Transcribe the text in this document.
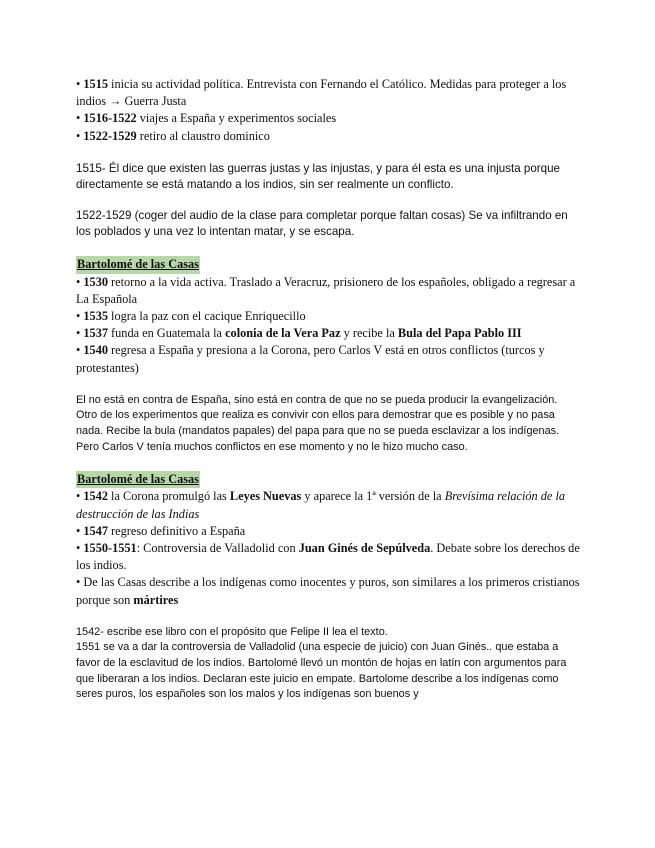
• 1515 inicia su actividad política. Entrevista con Fernando el Católico. Medidas para proteger a los indios → Guerra Justa

• 1516-1522 viajes a España y experimentos sociales

• 1522-1529 retiro al claustro dominico

1515- Él dice que existen las guerras justas y las injustas, y para él esta es una injusta porque directamente se está matando a los indios, sin ser realmente un conflicto.

1522-1529 (coger del audio de la clase para completar porque faltan cosas) Se va infiltrando en los poblados y una vez lo intentan matar, y se escapa.

Bartolomé de las Casas

• 1530 retorno a la vida activa. Traslado a Veracruz, prisionero de los españoles, obligado a regresar a La Española

• 1535 logra la paz con el cacique Enriquecillo

• 1537 funda en Guatemala la colonia de la Vera Paz y recibe la Bula del Papa Pablo III

• 1540 regresa a España y presiona a la Corona, pero Carlos V está en otros conflictos (turcos y protestantes)

El no está en contra de España, sino está en contra de que no se pueda producir la evangelización.

Otro de los experimentos que realiza es convivir con ellos para demostrar que es posible y no pasa nada. Recibe la bula (mandatos papales) del papa para que no se pueda esclavizar a los indígenas. Pero Carlos V tenía muchos conflictos en ese momento y no le hizo mucho caso.

Bartolomé de las Casas

• 1542 la Corona promulgó las Leyes Nuevas y aparece la 1ª versión de la Brevísima relación de la destrucción de las Indias

• 1547 regreso definitivo a España

• 1550-1551: Controversia de Valladolid con Juan Ginés de Sepúlveda. Debate sobre los derechos de los indios.

• De las Casas describe a los indígenas como inocentes y puros, son similares a los primeros cristianos porque son mártires

1542- escribe ese libro con el propósito que Felipe II lea el texto.

1551 se va a dar la controversia de Valladolid (una especie de juicio) con Juan Ginés.. que estaba a favor de la esclavitud de los indios. Bartolomé llevó un montón de hojas en latín con argumentos para que liberaran a los indios. Declaran este juicio en empate. Bartolome describe a los indígenas como seres puros, los españoles son los malos y los indígenas son buenos y
